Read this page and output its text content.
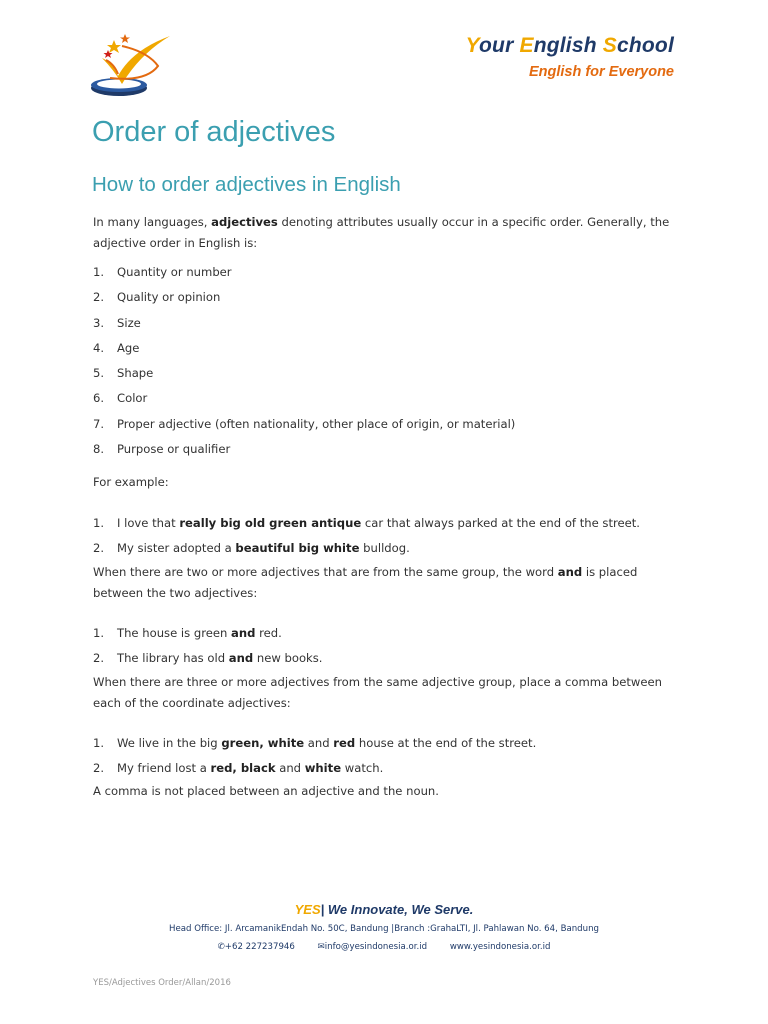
Your English School
English for Everyone
Order of adjectives
How to order adjectives in English

In many languages, adjectives denoting attributes usually occur in a specific order. Generally, the adjective order in English is:

1.	Quantity or number
2.	Quality or opinion
3.	Size
4.	Age
5.	Shape
6.	Color
7.	Proper adjective (often nationality, other place of origin, or material)
8.	Purpose or qualifier

For example:

1.	I love that really big old green antique car that always parked at the end of the street.
2.	My sister adopted a beautiful big white bulldog.

When there are two or more adjectives that are from the same group, the word and is placed between the two adjectives:

1.	The house is green and red.
2.	The library has old and new books.

When there are three or more adjectives from the same adjective group, place a comma between each of the coordinate adjectives:

1.	We live in the big green, white and red house at the end of the street.
2.	My friend lost a red, black and white watch.

A comma is not placed between an adjective and the noun.

YES| We Innovate, We Serve.
Head Office: Jl. ArcamanikEndah No. 50C, Bandung |Branch :GrahaLTI, Jl. Pahlawan No. 64, Bandung
✆+62 227237946	✉info@yesindonesia.or.id	www.yesindonesia.or.id
YES/Adjectives Order/Allan/2016
